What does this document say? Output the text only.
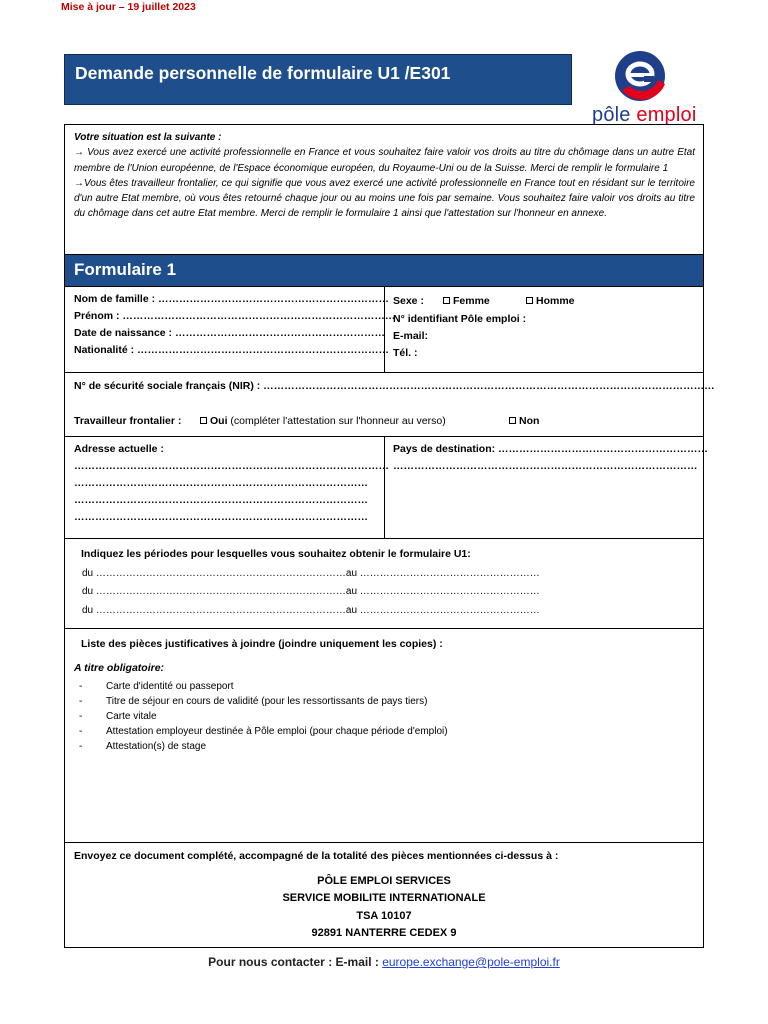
Mise à jour – 19 juillet 2023
Demande personnelle de formulaire U1 /E301
pôle emploi
Votre situation est la suivante :
→ Vous avez exercé une activité professionnelle en France et vous souhaitez faire valoir vos droits au titre du chômage dans un autre Etat membre de l'Union européenne, de l'Espace économique européen, du Royaume-Uni ou de la Suisse. Merci de remplir le formulaire 1
→Vous êtes travailleur frontalier, ce qui signifie que vous avez exercé une activité professionnelle en France tout en résidant sur le territoire d'un autre Etat membre, où vous êtes retourné chaque jour ou au moins une fois par semaine. Vous souhaitez faire valoir vos droits au titre du chômage dans cet autre Etat membre. Merci de remplir le formulaire 1 ainsi que l'attestation sur l'honneur en annexe.
Formulaire 1
Nom de famille : …………………………………………………………
Prénom : ……………………………………………………………………
Date de naissance : ……………………………………………………
Nationalité : ………………………………………………………………
Sexe :	Femme	Homme
N° identifiant Pôle emploi :
E-mail:
Tél. :
N° de sécurité sociale français (NIR) : …………………………………………………………………………………………………………………
Travailleur frontalier :	Oui (compléter l'attestation sur l'honneur au verso)	Non
Adresse actuelle :
………………………………………………………………………………
…………………………………………………………………………
…………………………………………………………………………
…………………………………………………………………………
Pays de destination: ……………………………………………………
……………………………………………………………………………
Indiquez les périodes pour lesquelles vous souhaitez obtenir le formulaire U1:
du …………………………………………………………………au ………………………………………………
du …………………………………………………………………au ………………………………………………
du …………………………………………………………………au ………………………………………………
Liste des pièces justificatives à joindre (joindre uniquement les copies) :
A titre obligatoire:
-	Carte d'identité ou passeport
-	Titre de séjour en cours de validité (pour les ressortissants de pays tiers)
-	Carte vitale
-	Attestation employeur destinée à Pôle emploi (pour chaque période d'emploi)
-	Attestation(s) de stage
Envoyez ce document complété, accompagné de la totalité des pièces mentionnées ci-dessus à :
PÔLE EMPLOI SERVICES
SERVICE MOBILITE INTERNATIONALE
TSA 10107
92891 NANTERRE CEDEX 9
Pour nous contacter : E-mail : europe.exchange@pole-emploi.fr
